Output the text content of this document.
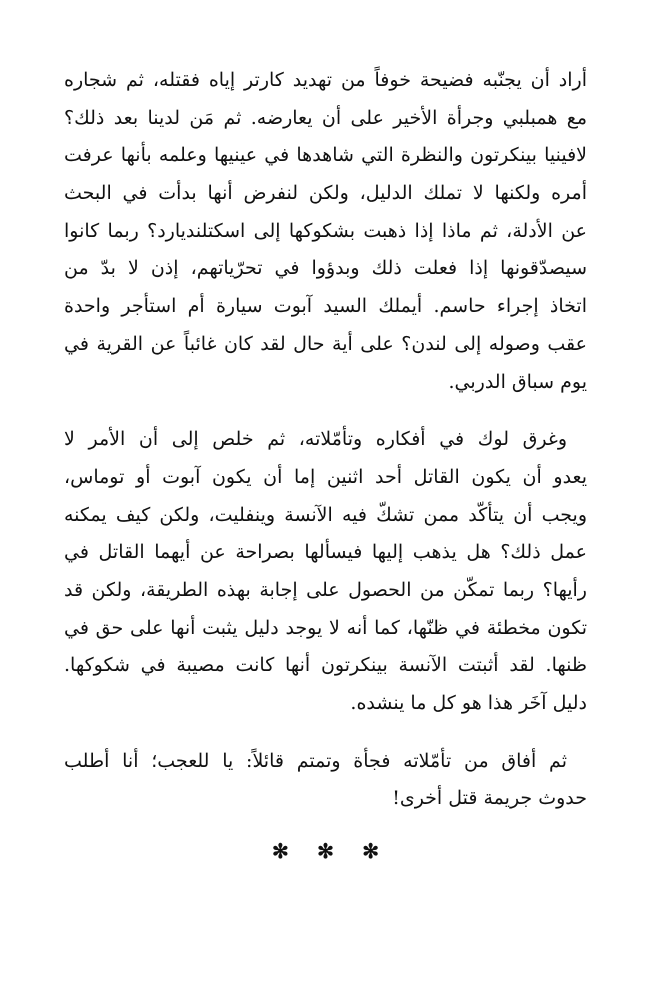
أراد أن يجنّبه فضيحة خوفاً من تهديد كارتر إياه فقتله، ثم شجاره
مع همبلبي وجرأة الأخير على أن يعارضه. ثم مَن لدينا بعد ذلك؟
لافينيا بينكرتون والنظرة التي شاهدها في عينيها وعلمه بأنها عرفت
أمره ولكنها لا تملك الدليل، ولكن لنفرض أنها بدأت في البحث
عن الأدلة، ثم ماذا إذا ذهبت بشكوكها إلى اسكتلنديارد؟ ربما كانوا
سيصدّقونها إذا فعلت ذلك وبدؤوا في تحرّياتهم، إذن لا بدّ من
اتخاذ إجراء حاسم. أيملك السيد آبوت سيارة أم استأجر واحدة
عقب وصوله إلى لندن؟ على أية حال لقد كان غائباً عن القرية في
يوم سباق الدربي.
وغرق لوك في أفكاره وتأمّلاته، ثم خلص إلى أن الأمر لا
يعدو أن يكون القاتل أحد اثنين إما أن يكون آبوت أو توماس،
ويجب أن يتأكّد ممن تشكّ فيه الآنسة وينفليت، ولكن كيف يمكنه
عمل ذلك؟ هل يذهب إليها فيسألها بصراحة عن أيهما القاتل في
رأيها؟ ربما تمكّن من الحصول على إجابة بهذه الطريقة، ولكن قد
تكون مخطئة في ظنّها، كما أنه لا يوجد دليل يثبت أنها على حق في
ظنها. لقد أثبتت الآنسة بينكرتون أنها كانت مصيبة في شكوكها.
دليل آخَر هذا هو كل ما ينشده.
ثم أفاق من تأمّلاته فجأة وتمتم قائلاً: يا للعجب؛ أنا أطلب
حدوث جريمة قتل أخرى!
✻ ✻ ✻
